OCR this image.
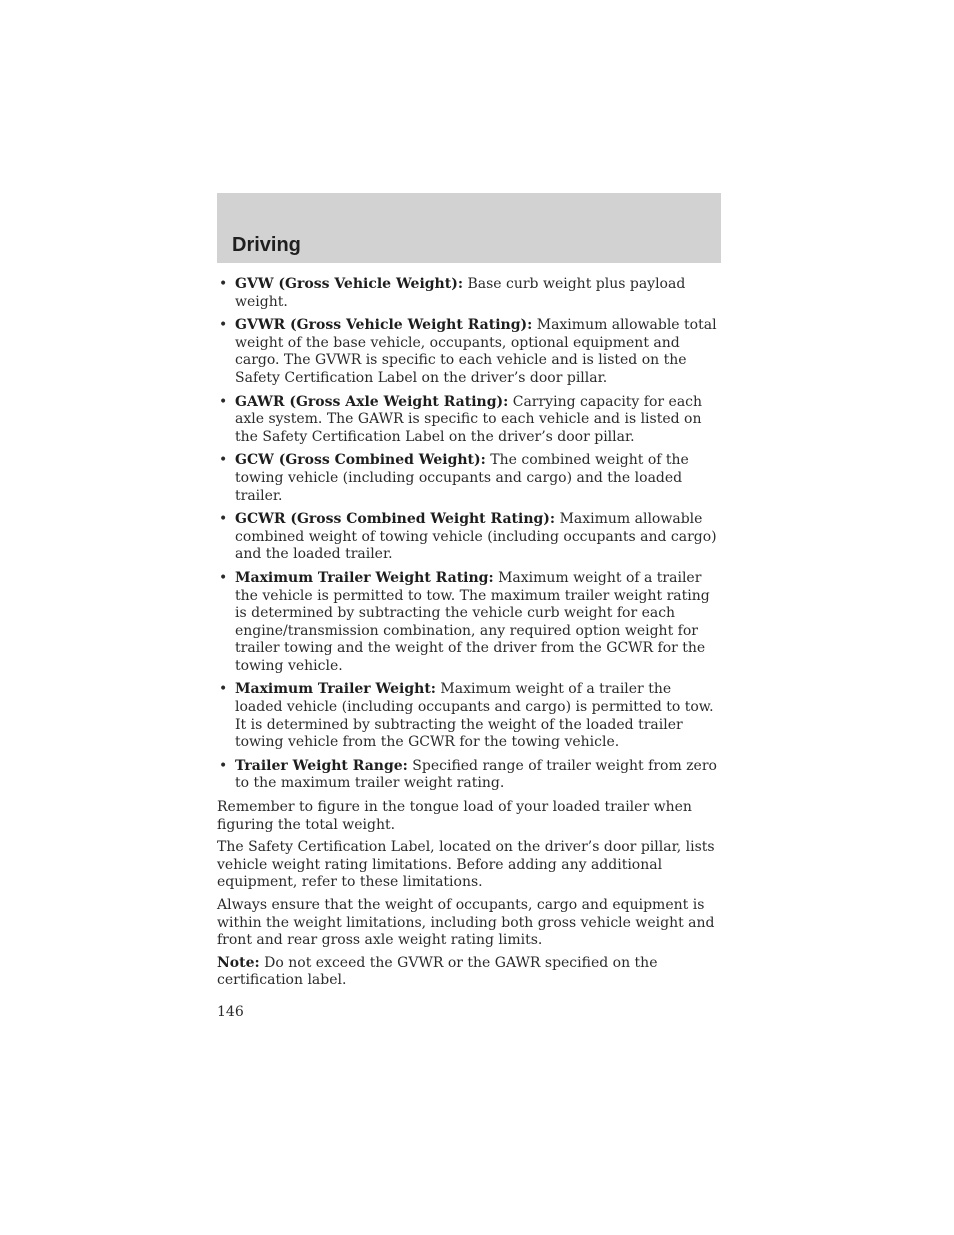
Driving
• GVW (Gross Vehicle Weight): Base curb weight plus payload weight.
• GVWR (Gross Vehicle Weight Rating): Maximum allowable total weight of the base vehicle, occupants, optional equipment and cargo. The GVWR is specific to each vehicle and is listed on the Safety Certification Label on the driver’s door pillar.
• GAWR (Gross Axle Weight Rating): Carrying capacity for each axle system. The GAWR is specific to each vehicle and is listed on the Safety Certification Label on the driver’s door pillar.
• GCW (Gross Combined Weight): The combined weight of the towing vehicle (including occupants and cargo) and the loaded trailer.
• GCWR (Gross Combined Weight Rating): Maximum allowable combined weight of towing vehicle (including occupants and cargo) and the loaded trailer.
• Maximum Trailer Weight Rating: Maximum weight of a trailer the vehicle is permitted to tow. The maximum trailer weight rating is determined by subtracting the vehicle curb weight for each engine/transmission combination, any required option weight for trailer towing and the weight of the driver from the GCWR for the towing vehicle.
• Maximum Trailer Weight: Maximum weight of a trailer the loaded vehicle (including occupants and cargo) is permitted to tow. It is determined by subtracting the weight of the loaded trailer towing vehicle from the GCWR for the towing vehicle.
• Trailer Weight Range: Specified range of trailer weight from zero to the maximum trailer weight rating.

Remember to figure in the tongue load of your loaded trailer when figuring the total weight.

The Safety Certification Label, located on the driver’s door pillar, lists vehicle weight rating limitations. Before adding any additional equipment, refer to these limitations.

Always ensure that the weight of occupants, cargo and equipment is within the weight limitations, including both gross vehicle weight and front and rear gross axle weight rating limits.

Note: Do not exceed the GVWR or the GAWR specified on the certification label.

146
